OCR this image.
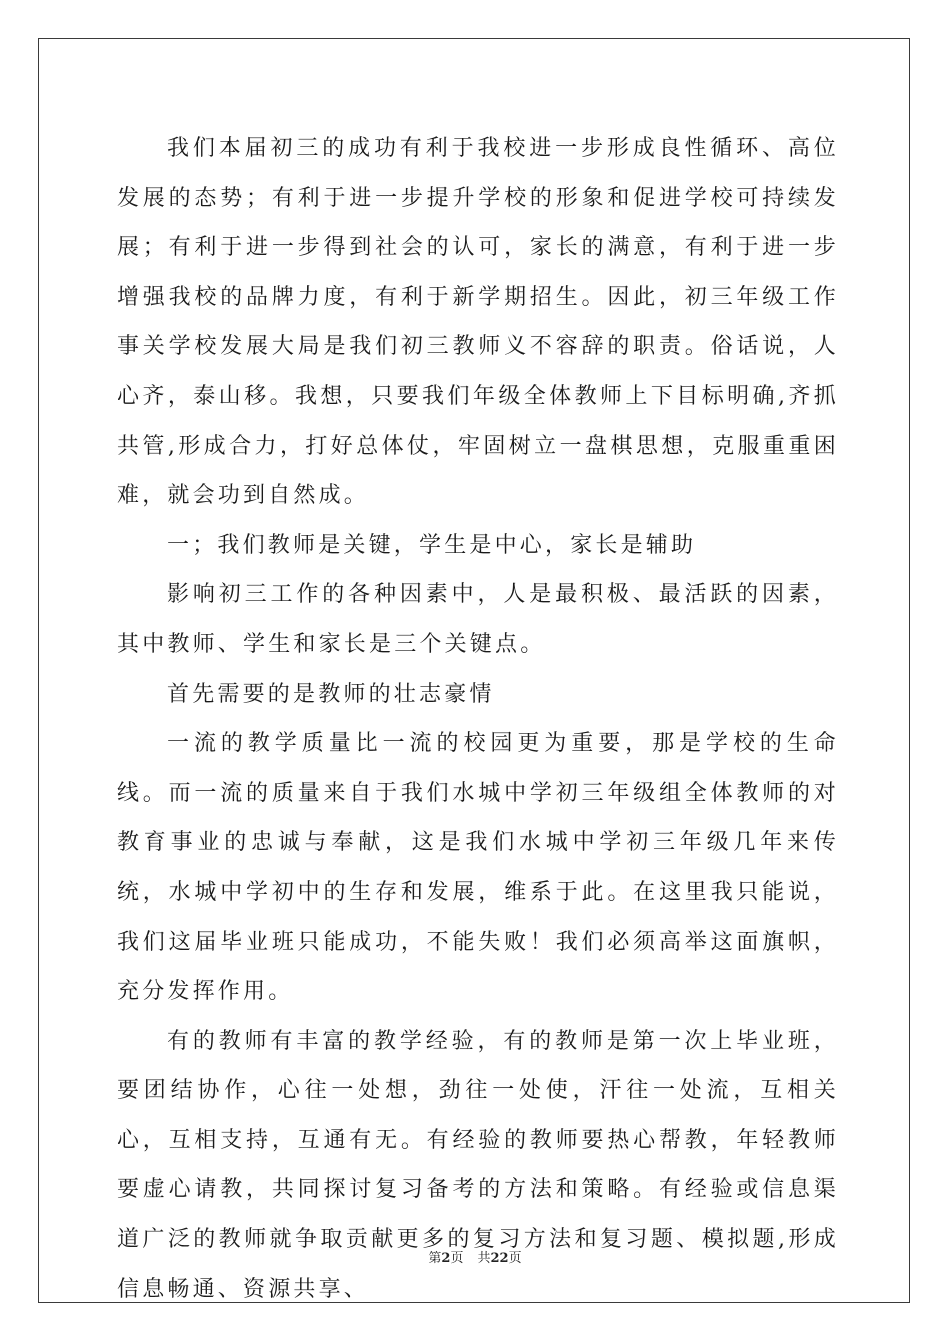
我们本届初三的成功有利于我校进一步形成良性循环、高位发展的态势；有利于进一步提升学校的形象和促进学校可持续发展；有利于进一步得到社会的认可，家长的满意，有利于进一步增强我校的品牌力度，有利于新学期招生。因此，初三年级工作事关学校发展大局是我们初三教师义不容辞的职责。俗话说，人心齐，泰山移。我想，只要我们年级全体教师上下目标明确,齐抓共管,形成合力，打好总体仗，牢固树立一盘棋思想，克服重重困难，就会功到自然成。

一；我们教师是关键，学生是中心，家长是辅助

影响初三工作的各种因素中，人是最积极、最活跃的因素，其中教师、学生和家长是三个关键点。

首先需要的是教师的壮志豪情

一流的教学质量比一流的校园更为重要，那是学校的生命线。而一流的质量来自于我们水城中学初三年级组全体教师的对教育事业的忠诚与奉献，这是我们水城中学初三年级几年来传统，水城中学初中的生存和发展，维系于此。在这里我只能说，我们这届毕业班只能成功，不能失败！我们必须高举这面旗帜，充分发挥作用。

有的教师有丰富的教学经验，有的教师是第一次上毕业班，要团结协作，心往一处想，劲往一处使，汗往一处流，互相关心，互相支持，互通有无。有经验的教师要热心帮教，年轻教师要虚心请教，共同探讨复习备考的方法和策略。有经验或信息渠道广泛的教师就争取贡献更多的复习方法和复习题、模拟题,形成信息畅通、资源共享、

第2页 共22页
